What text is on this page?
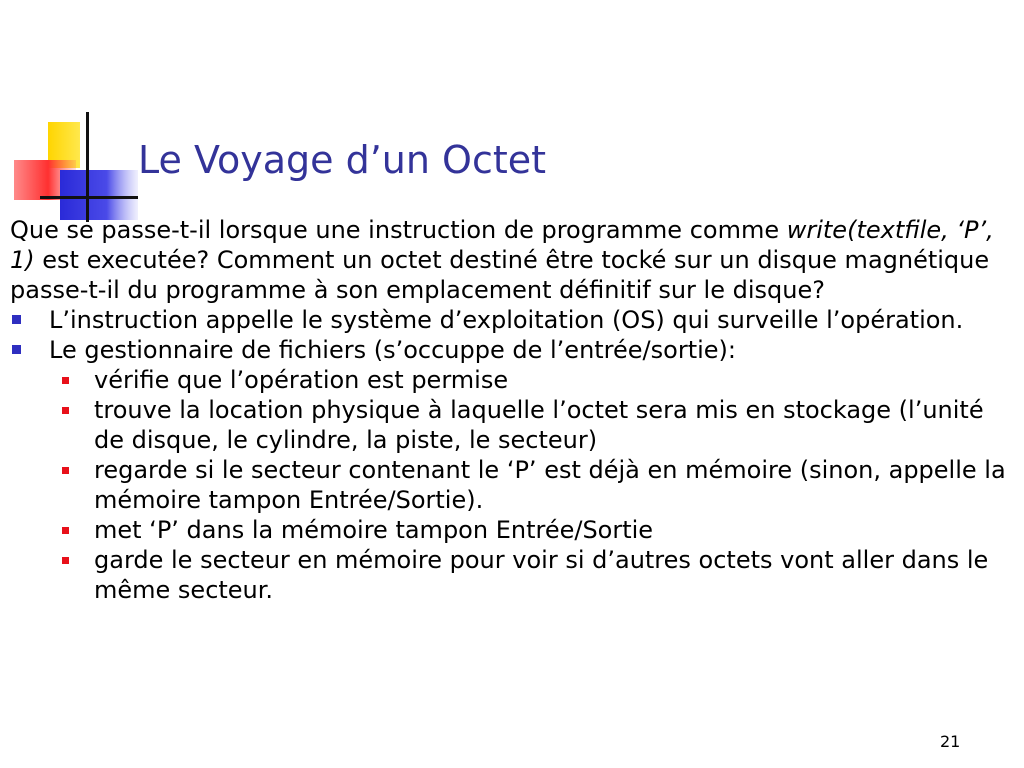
Le Voyage d’un Octet

Que se passe-t-il lorsque une instruction de programme comme write(textfile, ‘P’, 1) est executée? Comment un octet destiné être tocké sur un disque magnétique passe-t-il du programme à son emplacement définitif sur le disque?

L’instruction appelle le système d’exploitation (OS) qui surveille l’opération.
Le gestionnaire de fichiers (s’occuppe de l’entrée/sortie):
vérifie que l’opération est permise
trouve la location physique à laquelle l’octet sera mis en stockage (l’unité de disque, le cylindre, la piste, le secteur)
regarde si le secteur contenant le ‘P’ est déjà en mémoire (sinon, appelle la mémoire tampon Entrée/Sortie).
met ‘P’ dans la mémoire tampon Entrée/Sortie
garde le secteur en mémoire pour voir si d’autres octets vont aller dans le même secteur.
21
